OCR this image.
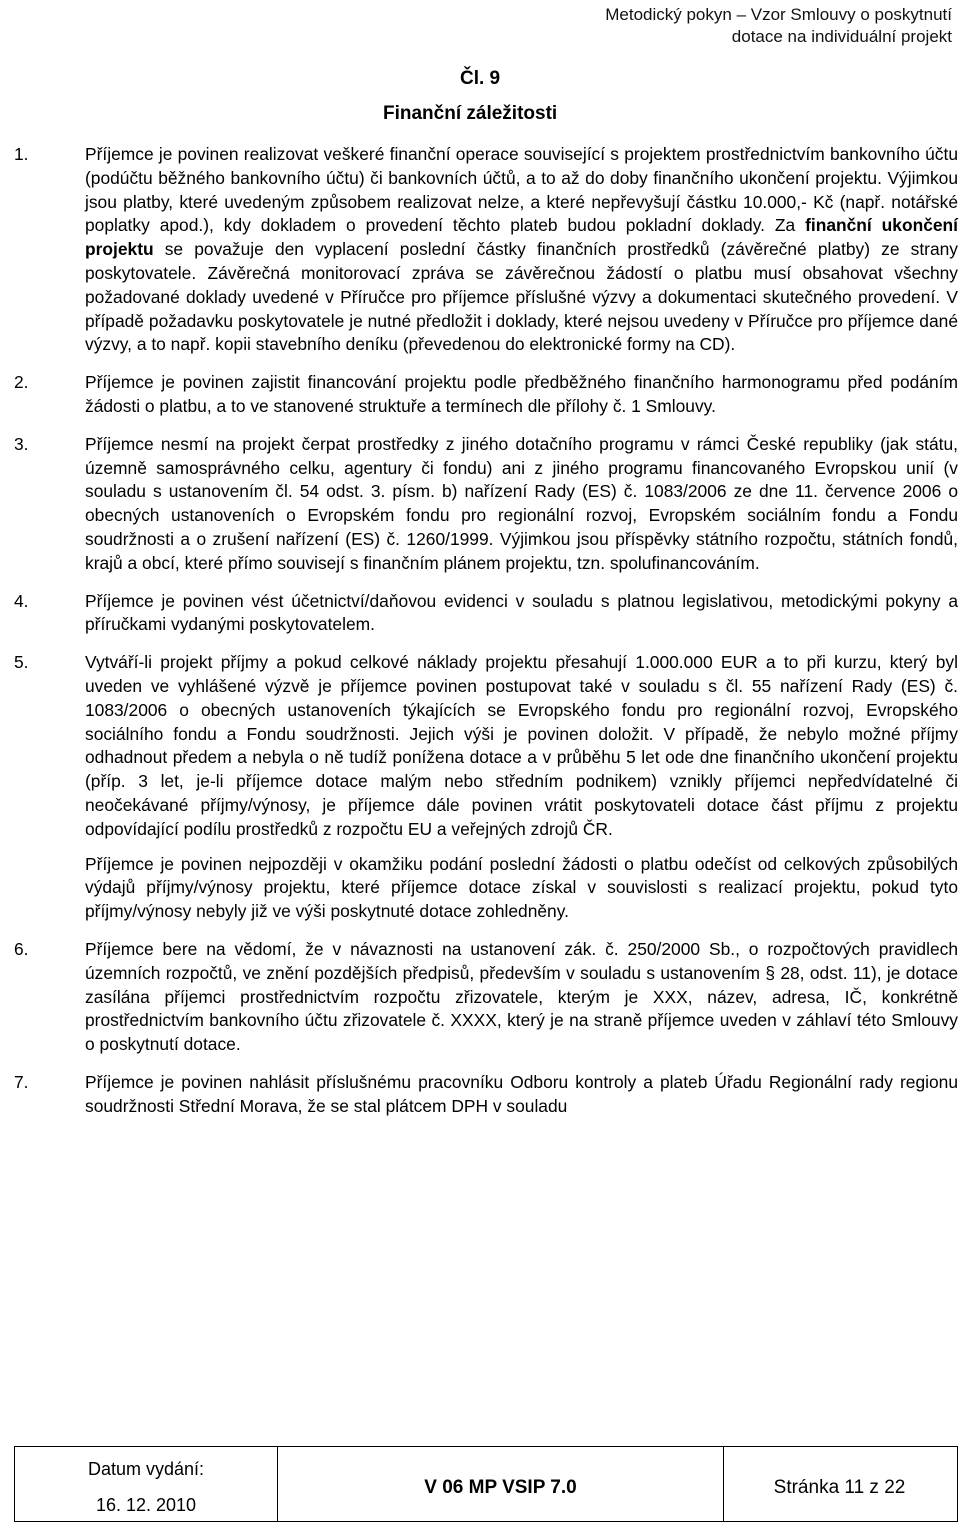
Metodický pokyn – Vzor Smlouvy o poskytnutí
dotace na individuální projekt
Čl. 9
Finanční záležitosti
1.	Příjemce je povinen realizovat veškeré finanční operace související s projektem prostřednictvím bankovního účtu (podúčtu běžného bankovního účtu) či bankovních účtů, a to až do doby finančního ukončení projektu. Výjimkou jsou platby, které uvedeným způsobem realizovat nelze, a které nepřevyšují částku 10.000,- Kč (např. notářské poplatky apod.), kdy dokladem o provedení těchto plateb budou pokladní doklady. Za finanční ukončení projektu se považuje den vyplacení poslední částky finančních prostředků (závěrečné platby) ze strany poskytovatele. Závěrečná monitorovací zpráva se závěrečnou žádostí o platbu musí obsahovat všechny požadované doklady uvedené v Příručce pro příjemce příslušné výzvy a dokumentaci skutečného provedení. V případě požadavku poskytovatele je nutné předložit i doklady, které nejsou uvedeny v Příručce pro příjemce dané výzvy, a to např. kopii stavebního deníku (převedenou do elektronické formy na CD).

2.	Příjemce je povinen zajistit financování projektu podle předběžného finančního harmonogramu před podáním žádosti o platbu, a to ve stanovené struktuře a termínech dle přílohy č. 1 Smlouvy.

3.	Příjemce nesmí na projekt čerpat prostředky z jiného dotačního programu v rámci České republiky (jak státu, územně samosprávného celku, agentury či fondu) ani z jiného programu financovaného Evropskou unií (v souladu s ustanovením čl. 54 odst. 3. písm. b) nařízení Rady (ES) č. 1083/2006 ze dne 11. července 2006 o obecných ustanoveních o Evropském fondu pro regionální rozvoj, Evropském sociálním fondu a Fondu soudržnosti a o zrušení nařízení (ES) č. 1260/1999. Výjimkou jsou příspěvky státního rozpočtu, státních fondů, krajů a obcí, které přímo souvisejí s finančním plánem projektu, tzn. spolufinancováním.

4.	Příjemce je povinen vést účetnictví/daňovou evidenci v souladu s platnou legislativou, metodickými pokyny a příručkami vydanými poskytovatelem.

5.	Vytváří-li projekt příjmy a pokud celkové náklady projektu přesahují 1.000.000 EUR a to při kurzu, který byl uveden ve vyhlášené výzvě je příjemce povinen postupovat také v souladu s čl. 55 nařízení Rady (ES) č. 1083/2006 o obecných ustanoveních týkajících se Evropského fondu pro regionální rozvoj, Evropského sociálního fondu a Fondu soudržnosti. Jejich výši je povinen doložit. V případě, že nebylo možné příjmy odhadnout předem a nebyla o ně tudíž ponížena dotace a v průběhu 5 let ode dne finančního ukončení projektu (příp. 3 let, je-li příjemce dotace malým nebo středním podnikem) vznikly příjemci nepředvídatelné či neočekávané příjmy/výnosy, je příjemce dále povinen vrátit poskytovateli dotace část příjmu z projektu odpovídající podílu prostředků z rozpočtu EU a veřejných zdrojů ČR.

Příjemce je povinen nejpozději v okamžiku podání poslední žádosti o platbu odečíst od celkových způsobilých výdajů příjmy/výnosy projektu, které příjemce dotace získal v souvislosti s realizací projektu, pokud tyto příjmy/výnosy nebyly již ve výši poskytnuté dotace zohledněny.

6.	Příjemce bere na vědomí, že v návaznosti na ustanovení zák. č. 250/2000 Sb., o rozpočtových pravidlech územních rozpočtů, ve znění pozdějších předpisů, především v souladu s ustanovením § 28, odst. 11), je dotace zasílána příjemci prostřednictvím rozpočtu zřizovatele, kterým je XXX, název, adresa, IČ, konkrétně prostřednictvím bankovního účtu zřizovatele č. XXXX, který je na straně příjemce uveden v záhlaví této Smlouvy o poskytnutí dotace.

7.	Příjemce je povinen nahlásit příslušnému pracovníku Odboru kontroly a plateb Úřadu Regionální rady regionu soudržnosti Střední Morava, že se stal plátcem DPH v souladu

Datum vydání:
16. 12. 2010
V 06 MP VSIP 7.0	Stránka 11 z 22
